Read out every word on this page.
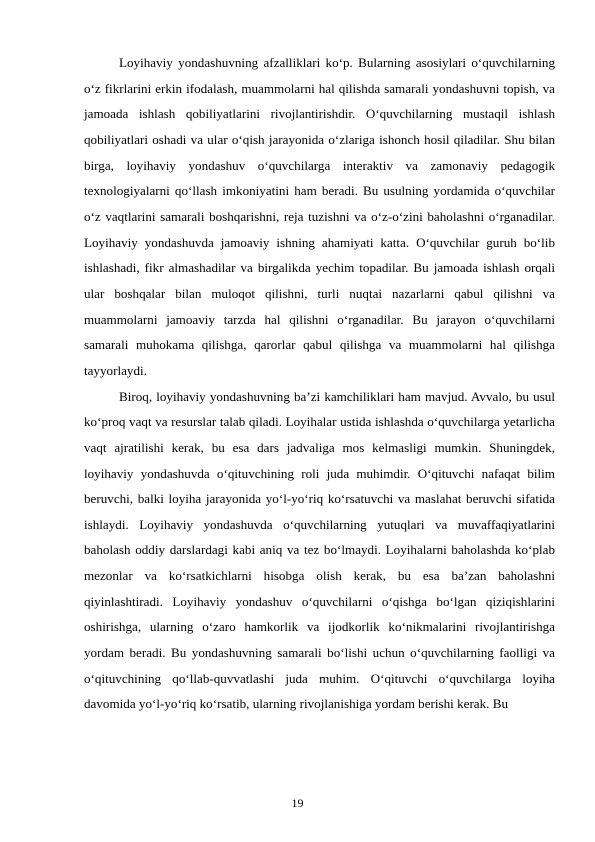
Loyihaviy yondashuvning afzalliklari ko‘p. Bularning asosiylari o‘quvchilarning o‘z fikrlarini erkin ifodalash, muammolarni hal qilishda samarali yondashuvni topish, va jamoada ishlash qobiliyatlarini rivojlantirishdir. O‘quvchilarning mustaqil ishlash qobiliyatlari oshadi va ular o‘qish jarayonida o‘zlariga ishonch hosil qiladilar. Shu bilan birga, loyihaviy yondashuv o‘quvchilarga interaktiv va zamonaviy pedagogik texnologiyalarni qo‘llash imkoniyatini ham beradi. Bu usulning yordamida o‘quvchilar o‘z vaqtlarini samarali boshqarishni, reja tuzishni va o‘z-o‘zini baholashni o‘rganadilar. Loyihaviy yondashuvda jamoaviy ishning ahamiyati katta. O‘quvchilar guruh bo‘lib ishlashadi, fikr almashadilar va birgalikda yechim topadilar. Bu jamoada ishlash orqali ular boshqalar bilan muloqot qilishni, turli nuqtai nazarlarni qabul qilishni va muammolarni jamoaviy tarzda hal qilishni o‘rganadilar. Bu jarayon o‘quvchilarni samarali muhokama qilishga, qarorlar qabul qilishga va muammolarni hal qilishga tayyorlaydi.

Biroq, loyihaviy yondashuvning ba’zi kamchiliklari ham mavjud. Avvalo, bu usul ko‘proq vaqt va resurslar talab qiladi. Loyihalar ustida ishlashda o‘quvchilarga yetarlicha vaqt ajratilishi kerak, bu esa dars jadvaliga mos kelmasligi mumkin. Shuningdek, loyihaviy yondashuvda o‘qituvchining roli juda muhimdir. O‘qituvchi nafaqat bilim beruvchi, balki loyiha jarayonida yo‘l-yo‘riq ko‘rsatuvchi va maslahat beruvchi sifatida ishlaydi. Loyihaviy yondashuvda o‘quvchilarning yutuqlari va muvaffaqiyatlarini baholash oddiy darslardagi kabi aniq va tez bo‘lmaydi. Loyihalarni baholashda ko‘plab mezonlar va ko‘rsatkichlarni hisobga olish kerak, bu esa ba’zan baholashni qiyinlashtiradi. Loyihaviy yondashuv o‘quvchilarni o‘qishga bo‘lgan qiziqishlarini oshirishga, ularning o‘zaro hamkorlik va ijodkorlik ko‘nikmalarini rivojlantirishga yordam beradi. Bu yondashuvning samarali bo‘lishi uchun o‘quvchilarning faolligi va o‘qituvchining qo‘llab-quvvatlashi juda muhim. O‘qituvchi o‘quvchilarga loyiha davomida yo‘l-yo‘riq ko‘rsatib, ularning rivojlanishiga yordam berishi kerak. Bu

19
